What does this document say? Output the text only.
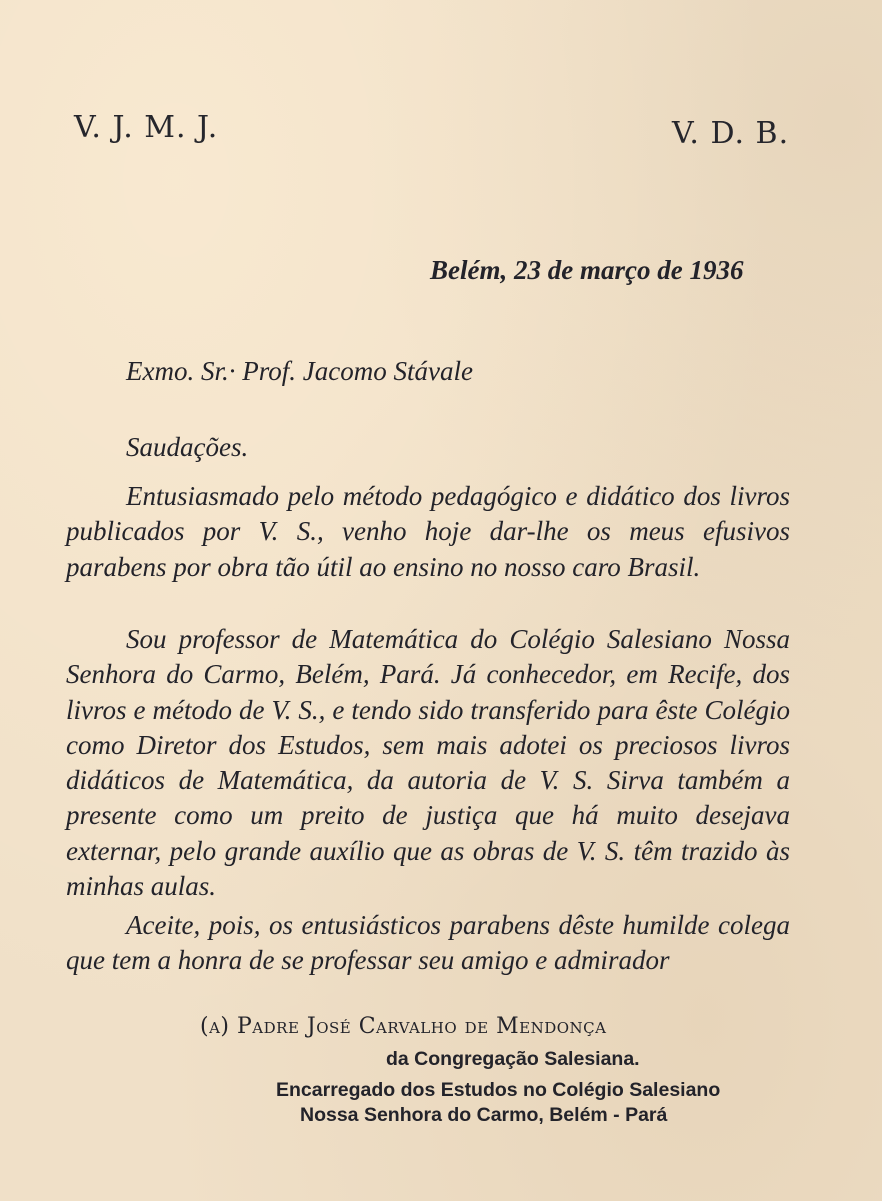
V. J. M. J.	V. D. B.
Belém, 23 de março de 1936
Exmo. Sr.· Prof. Jacomo Stávale
Saudações.
Entusiasmado pelo método pedagógico e didático dos livros publicados por V. S., venho hoje dar-lhe os meus efusivos parabens por obra tão útil ao ensino no nosso caro Brasil.
Sou professor de Matemática do Colégio Salesiano Nossa Senhora do Carmo, Belém, Pará. Já conhecedor, em Recife, dos livros e método de V. S., e tendo sido transferido para êste Colégio como Diretor dos Estudos, sem mais adotei os preciosos livros didáticos de Matemática, da autoria de V. S. Sirva também a presente como um preito de justiça que há muito desejava externar, pelo grande auxílio que as obras de V. S. têm trazido às minhas aulas.
Aceite, pois, os entusiásticos parabens dêste humilde colega que tem a honra de se professar seu amigo e admirador
(a) Padre José Carvalho de Mendonça
da Congregação Salesiana.
Encarregado dos Estudos no Colégio Salesiano
Nossa Senhora do Carmo, Belém - Pará
